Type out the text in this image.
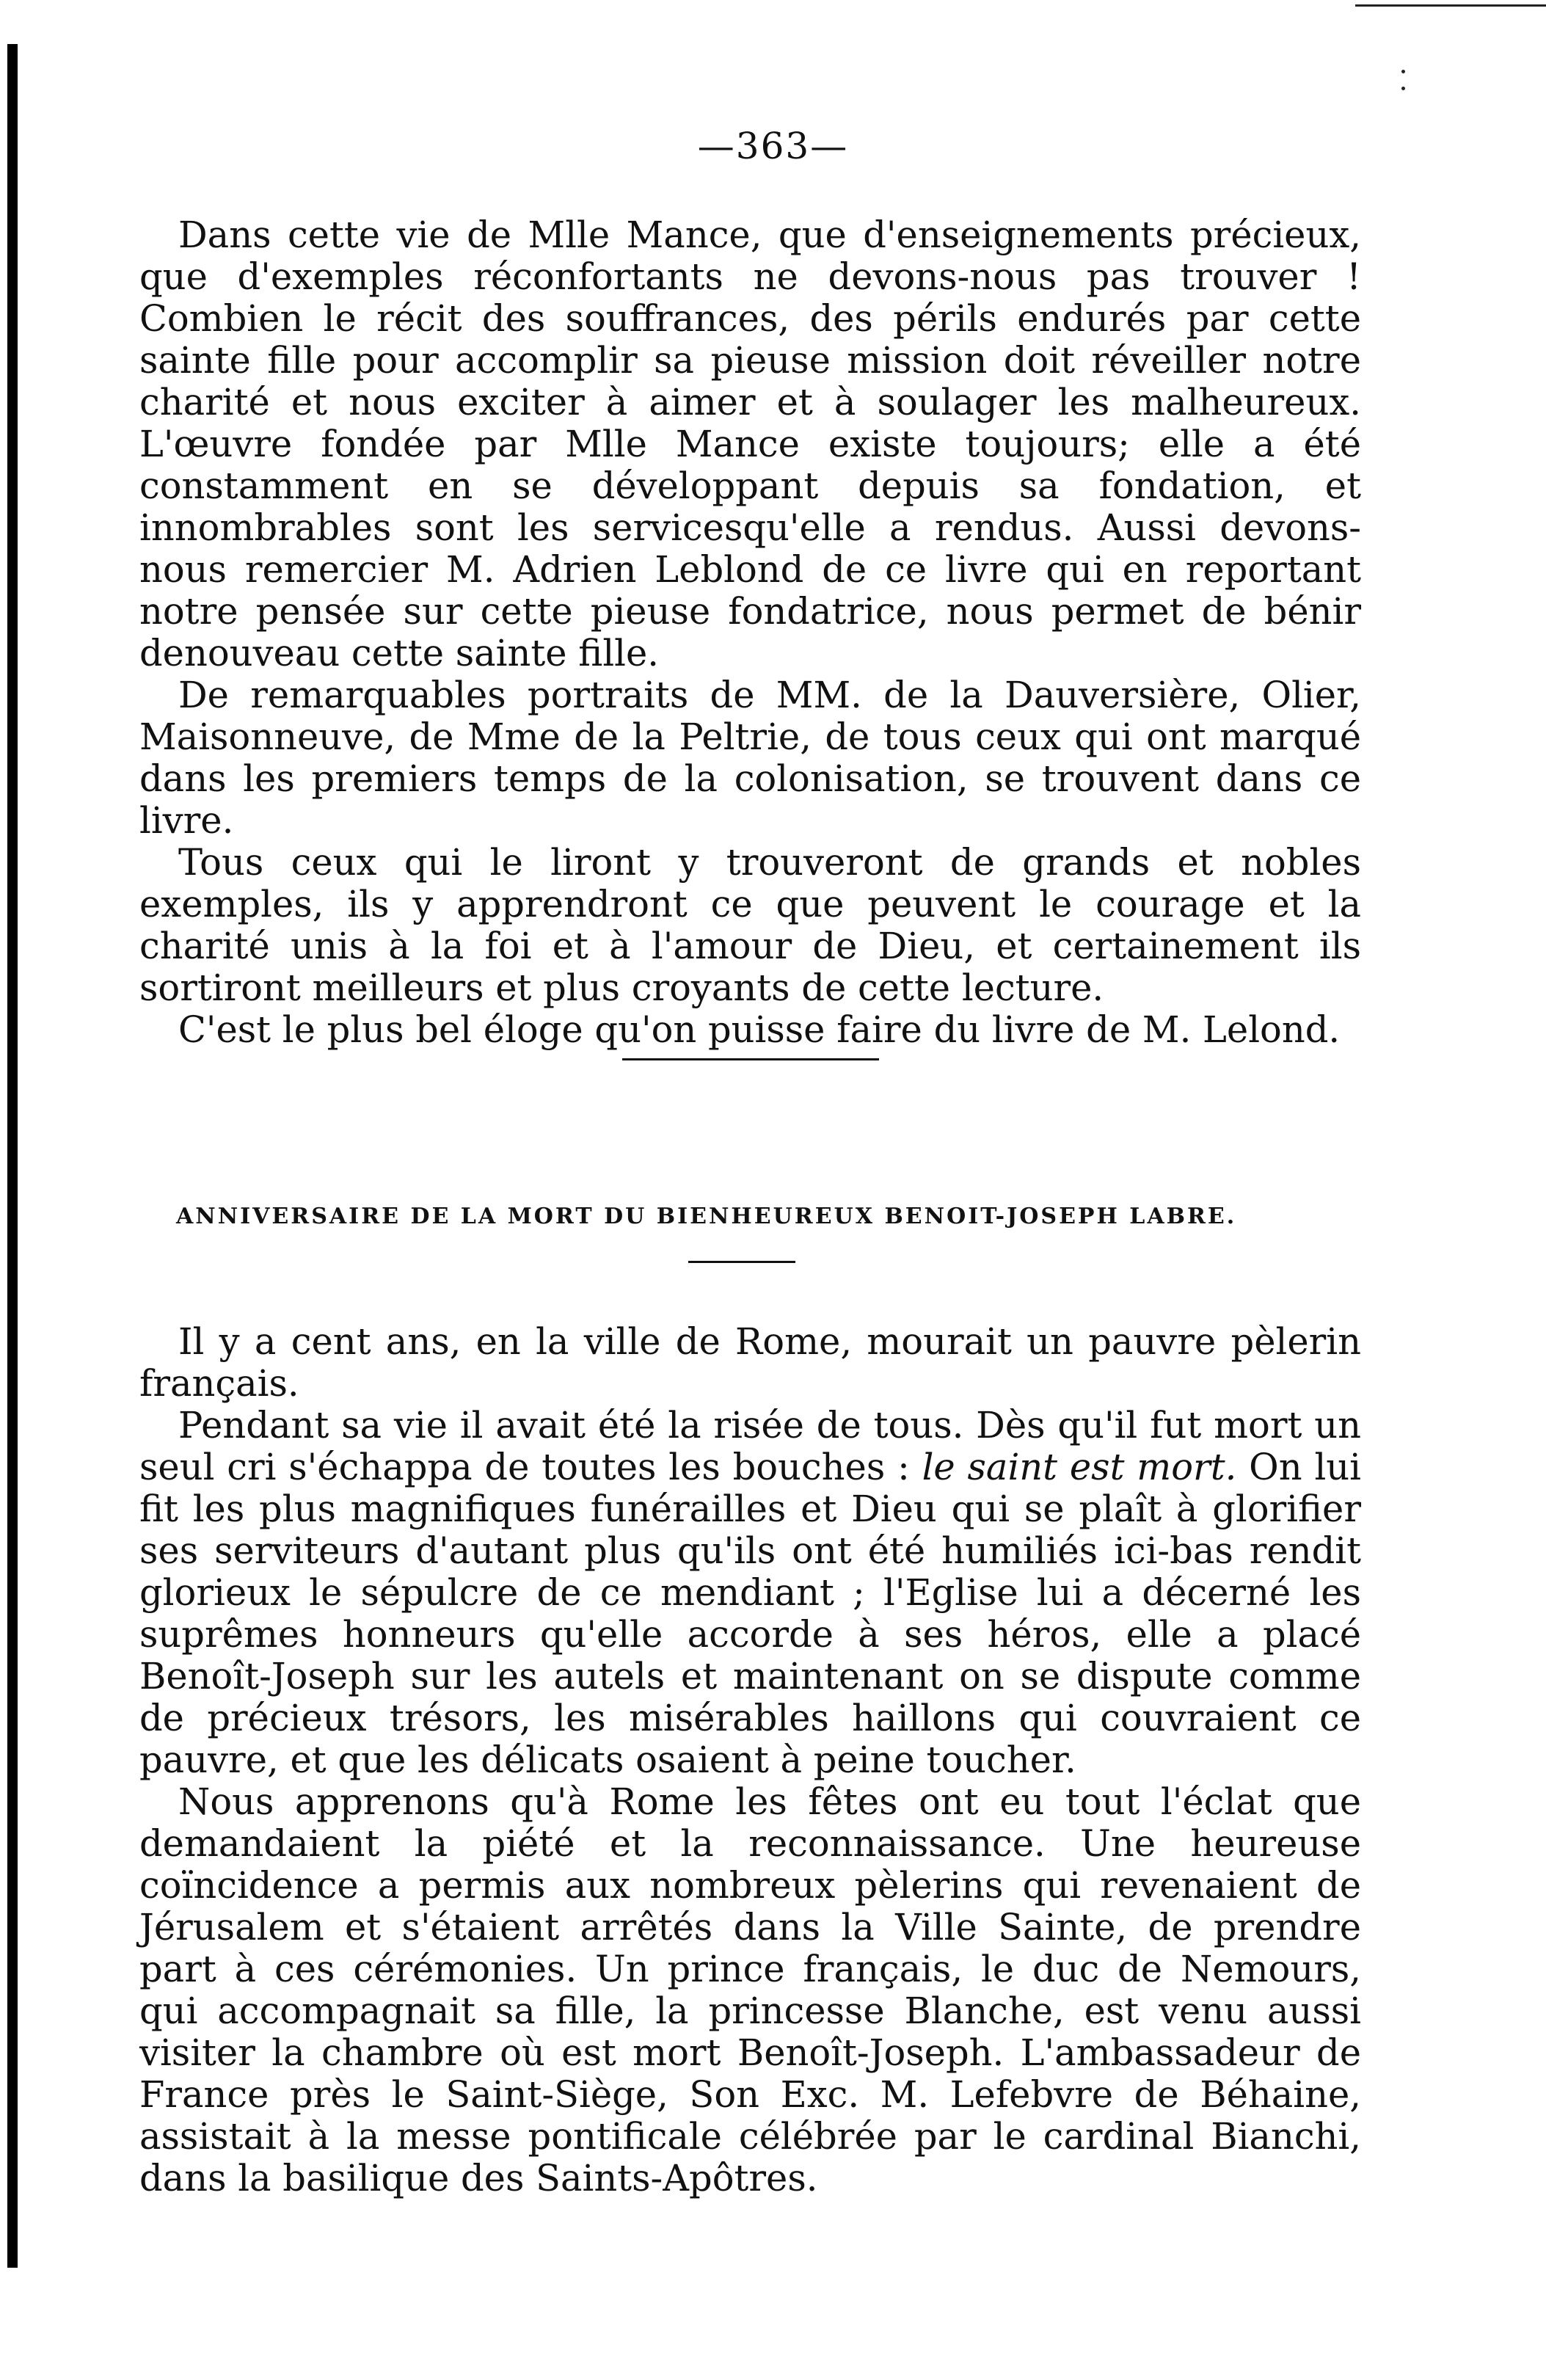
—363—

Dans cette vie de Mlle Mance, que d'enseignements précieux, que d'exemples réconfortants ne devons-nous pas trouver ! Combien le récit des souffrances, des périls endurés par cette sainte fille pour accomplir sa pieuse mission doit réveiller notre charité et nous exciter à aimer et à soulager les malheureux. L'œuvre fondée par Mlle Mance existe toujours; elle a été constamment en se développant depuis sa fondation, et innombrables sont les servicesqu'elle a rendus. Aussi devons-nous remercier M. Adrien Leblond de ce livre qui en reportant notre pensée sur cette pieuse fondatrice, nous permet de bénir denouveau cette sainte fille.

De remarquables portraits de MM. de la Dauversière, Olier, Maisonneuve, de Mme de la Peltrie, de tous ceux qui ont marqué dans les premiers temps de la colonisation, se trouvent dans ce livre.

Tous ceux qui le liront y trouveront de grands et nobles exemples, ils y apprendront ce que peuvent le courage et la charité unis à la foi et à l'amour de Dieu, et certainement ils sortiront meilleurs et plus croyants de cette lecture.

C'est le plus bel éloge qu'on puisse faire du livre de M. Lelond.

ANNIVERSAIRE DE LA MORT DU BIENHEUREUX BENOIT-JOSEPH LABRE.

Il y a cent ans, en la ville de Rome, mourait un pauvre pèlerin français.

Pendant sa vie il avait été la risée de tous. Dès qu'il fut mort un seul cri s'échappa de toutes les bouches : le saint est mort. On lui fit les plus magnifiques funérailles et Dieu qui se plaît à glorifier ses serviteurs d'autant plus qu'ils ont été humiliés ici-bas rendit glorieux le sépulcre de ce mendiant ; l'Eglise lui a décerné les suprêmes honneurs qu'elle accorde à ses héros, elle a placé Benoît-Joseph sur les autels et maintenant on se dispute comme de précieux trésors, les misérables haillons qui couvraient ce pauvre, et que les délicats osaient à peine toucher.

Nous apprenons qu'à Rome les fêtes ont eu tout l'éclat que demandaient la piété et la reconnaissance. Une heureuse coïncidence a permis aux nombreux pèlerins qui revenaient de Jérusalem et s'étaient arrêtés dans la Ville Sainte, de prendre part à ces cérémonies. Un prince français, le duc de Nemours, qui accompagnait sa fille, la princesse Blanche, est venu aussi visiter la chambre où est mort Benoît-Joseph. L'ambassadeur de France près le Saint-Siège, Son Exc. M. Lefebvre de Béhaine, assistait à la messe pontificale célébrée par le cardinal Bianchi, dans la basilique des Saints-Apôtres.
